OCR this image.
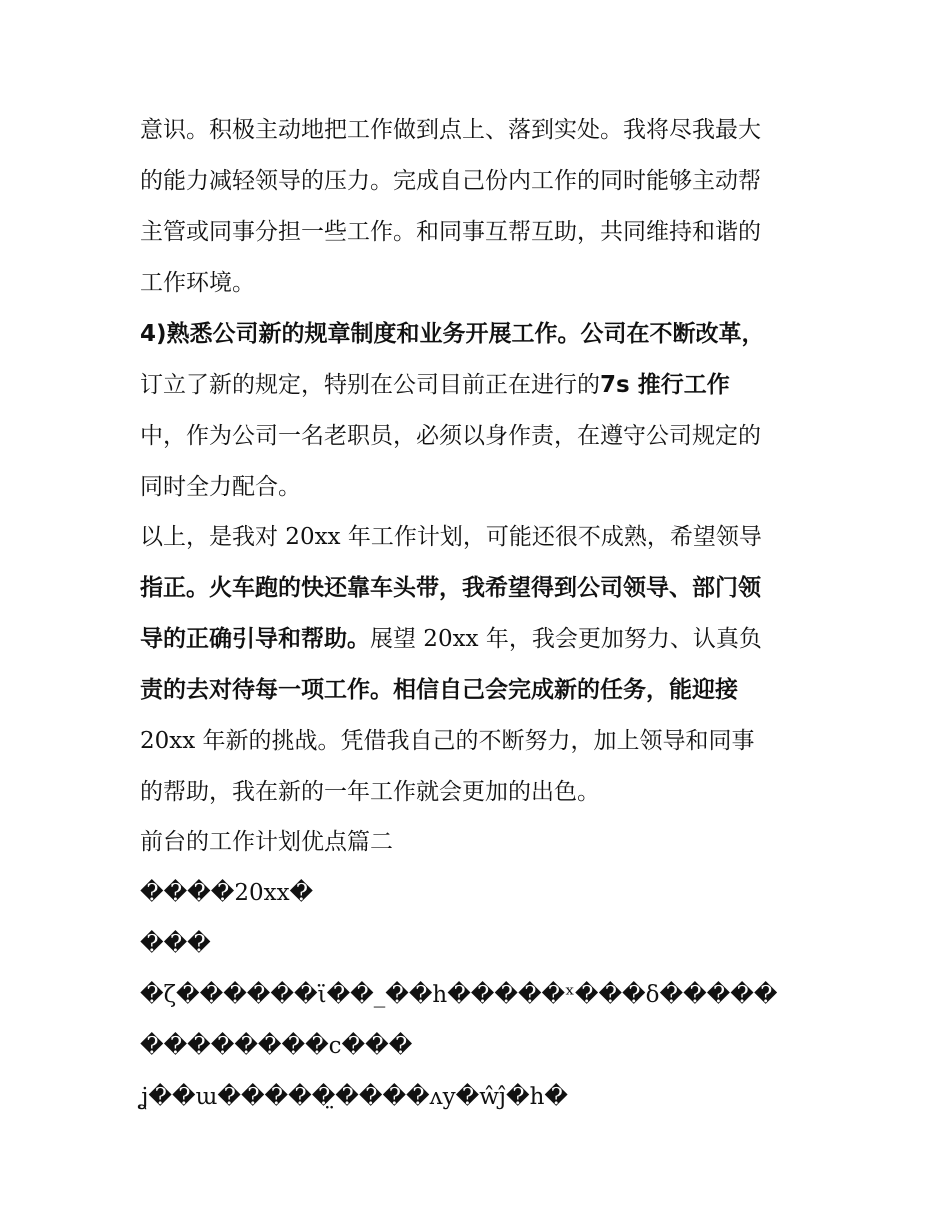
意识。积极主动地把工作做到点上、落到实处。我将尽我最大
的能力减轻领导的压力。完成自己份内工作的同时能够主动帮
主管或同事分担一些工作。和同事互帮互助，共同维持和谐的
工作环境。
4)熟悉公司新的规章制度和业务开展工作。公司在不断改革，
订立了新的规定，特别在公司目前正在进行的7s 推行工作
中，作为公司一名老职员，必须以身作责，在遵守公司规定的
同时全力配合。
以上，是我对 20xx 年工作计划，可能还很不成熟，希望领导
指正。火车跑的快还靠车头带，我希望得到公司领导、部门领
导的正确引导和帮助。展望 20xx 年，我会更加努力、认真负
责的去对待每一项工作。相信自己会完成新的任务，能迎接
20xx 年新的挑战。凭借我自己的不断努力，加上领导和同事
的帮助，我在新的一年工作就会更加的出色。
前台的工作计划优点篇二
����20xx�
���
�ζ������ϊ��_��h�����ˣ���δ�����
��������ϲ���
ʝ��ɯ�����̤����ʌy�ŵĵ�h�
